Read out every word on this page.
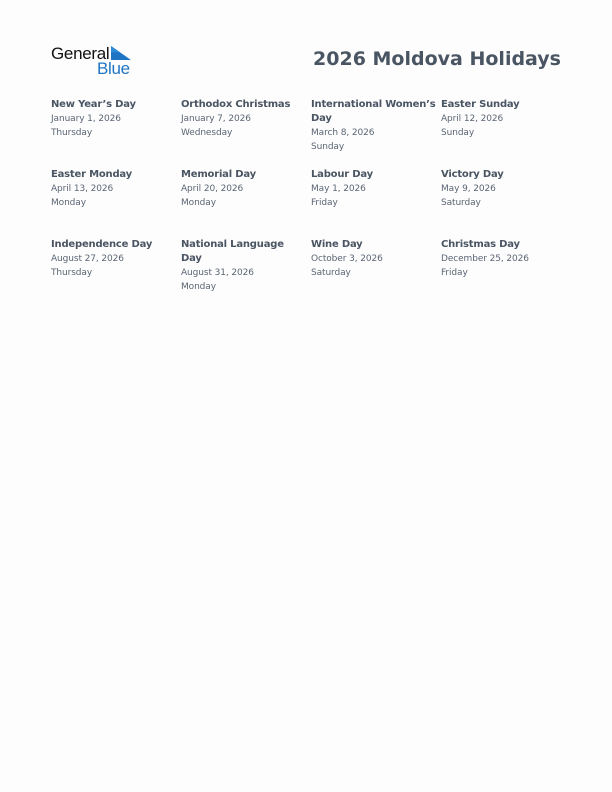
General
Blue	2026 Moldova Holidays
New Year’s Day
January 1, 2026
Thursday
Orthodox Christmas
January 7, 2026
Wednesday
International Women’s Day
March 8, 2026
Sunday
Easter Sunday
April 12, 2026
Sunday
Easter Monday
April 13, 2026
Monday
Memorial Day
April 20, 2026
Monday
Labour Day
May 1, 2026
Friday
Victory Day
May 9, 2026
Saturday
Independence Day
August 27, 2026
Thursday
National Language Day
August 31, 2026
Monday
Wine Day
October 3, 2026
Saturday
Christmas Day
December 25, 2026
Friday
